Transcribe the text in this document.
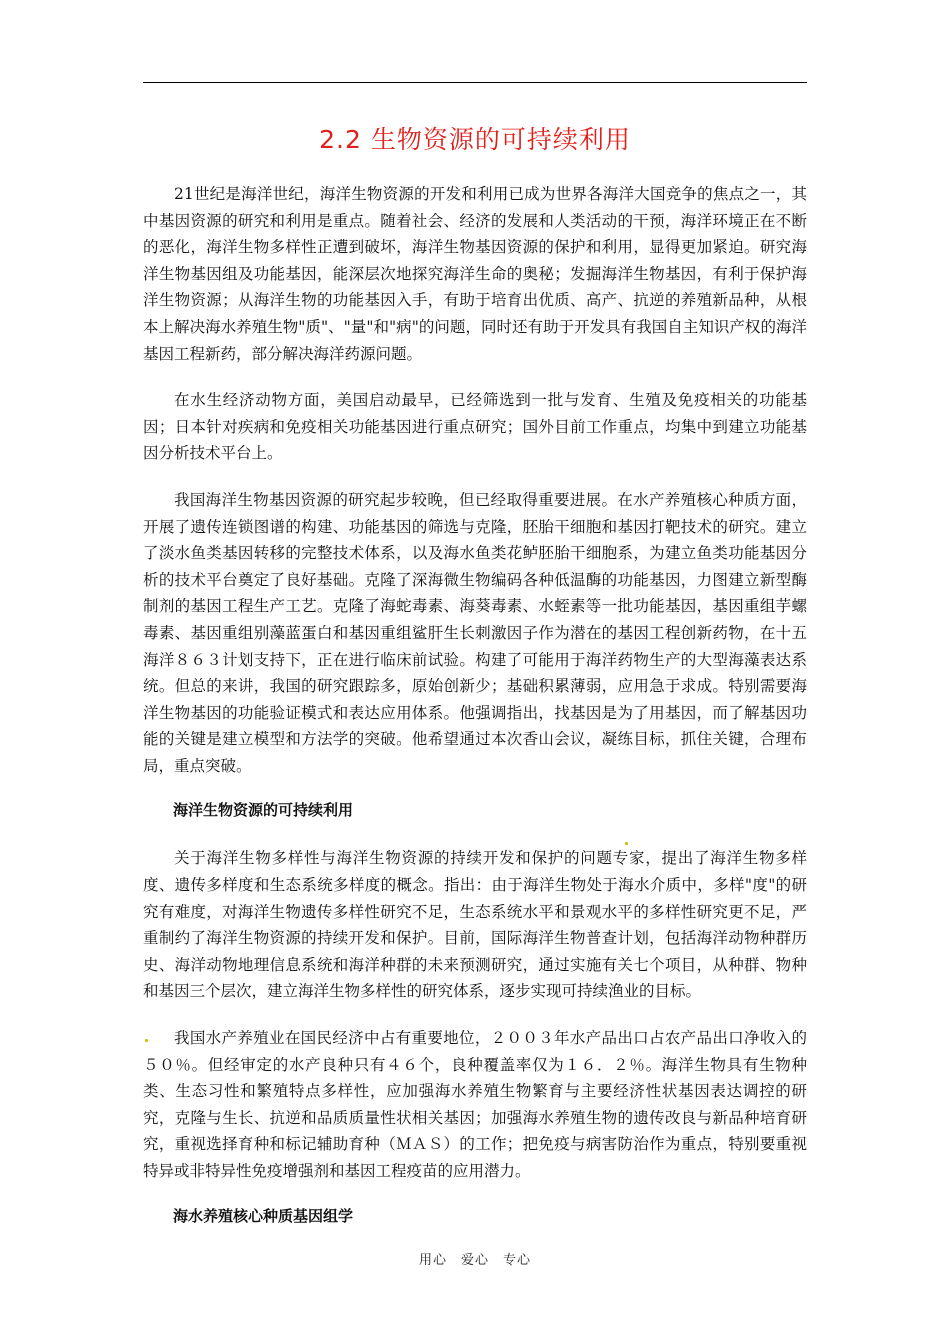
2.2 生物资源的可持续利用

21世纪是海洋世纪，海洋生物资源的开发和利用已成为世界各海洋大国竞争的焦点之一，其中基因资源的研究和利用是重点。随着社会、经济的发展和人类活动的干预，海洋环境正在不断的恶化，海洋生物多样性正遭到破坏，海洋生物基因资源的保护和利用，显得更加紧迫。研究海洋生物基因组及功能基因，能深层次地探究海洋生命的奥秘；发掘海洋生物基因，有利于保护海洋生物资源；从海洋生物的功能基因入手，有助于培育出优质、高产、抗逆的养殖新品种，从根本上解决海水养殖生物"质"、"量"和"病"的问题，同时还有助于开发具有我国自主知识产权的海洋基因工程新药，部分解决海洋药源问题。

在水生经济动物方面，美国启动最早，已经筛选到一批与发育、生殖及免疫相关的功能基因；日本针对疾病和免疫相关功能基因进行重点研究；国外目前工作重点，均集中到建立功能基因分析技术平台上。

我国海洋生物基因资源的研究起步较晚，但已经取得重要进展。在水产养殖核心种质方面，开展了遗传连锁图谱的构建、功能基因的筛选与克隆，胚胎干细胞和基因打靶技术的研究。建立了淡水鱼类基因转移的完整技术体系，以及海水鱼类花鲈胚胎干细胞系，为建立鱼类功能基因分析的技术平台奠定了良好基础。克隆了深海微生物编码各种低温酶的功能基因，力图建立新型酶制剂的基因工程生产工艺。克隆了海蛇毒素、海葵毒素、水蛭素等一批功能基因，基因重组芋螺毒素、基因重组别藻蓝蛋白和基因重组鲨肝生长刺激因子作为潜在的基因工程创新药物，在十五海洋８６３计划支持下，正在进行临床前试验。构建了可能用于海洋药物生产的大型海藻表达系统。但总的来讲，我国的研究跟踪多，原始创新少；基础积累薄弱，应用急于求成。特别需要海洋生物基因的功能验证模式和表达应用体系。他强调指出，找基因是为了用基因，而了解基因功能的关键是建立模型和方法学的突破。他希望通过本次香山会议，凝练目标，抓住关键，合理布局，重点突破。

海洋生物资源的可持续利用

关于海洋生物多样性与海洋生物资源的持续开发和保护的问题专家，提出了海洋生物多样度、遗传多样度和生态系统多样度的概念。指出：由于海洋生物处于海水介质中，多样"度"的研究有难度，对海洋生物遗传多样性研究不足，生态系统水平和景观水平的多样性研究更不足，严重制约了海洋生物资源的持续开发和保护。目前，国际海洋生物普查计划，包括海洋动物种群历史、海洋动物地理信息系统和海洋种群的未来预测研究，通过实施有关七个项目，从种群、物种和基因三个层次，建立海洋生物多样性的研究体系，逐步实现可持续渔业的目标。

我国水产养殖业在国民经济中占有重要地位，２００３年水产品出口占农产品出口净收入的５０％。但经审定的水产良种只有４６个，良种覆盖率仅为１６．２％。海洋生物具有生物种类、生态习性和繁殖特点多样性，应加强海水养殖生物繁育与主要经济性状基因表达调控的研究，克隆与生长、抗逆和品质质量性状相关基因；加强海水养殖生物的遗传改良与新品种培育研究，重视选择育种和标记辅助育种（ＭＡＳ）的工作；把免疫与病害防治作为重点，特别要重视特异或非特异性免疫增强剂和基因工程疫苗的应用潜力。

海水养殖核心种质基因组学
用心　爱心　专心
